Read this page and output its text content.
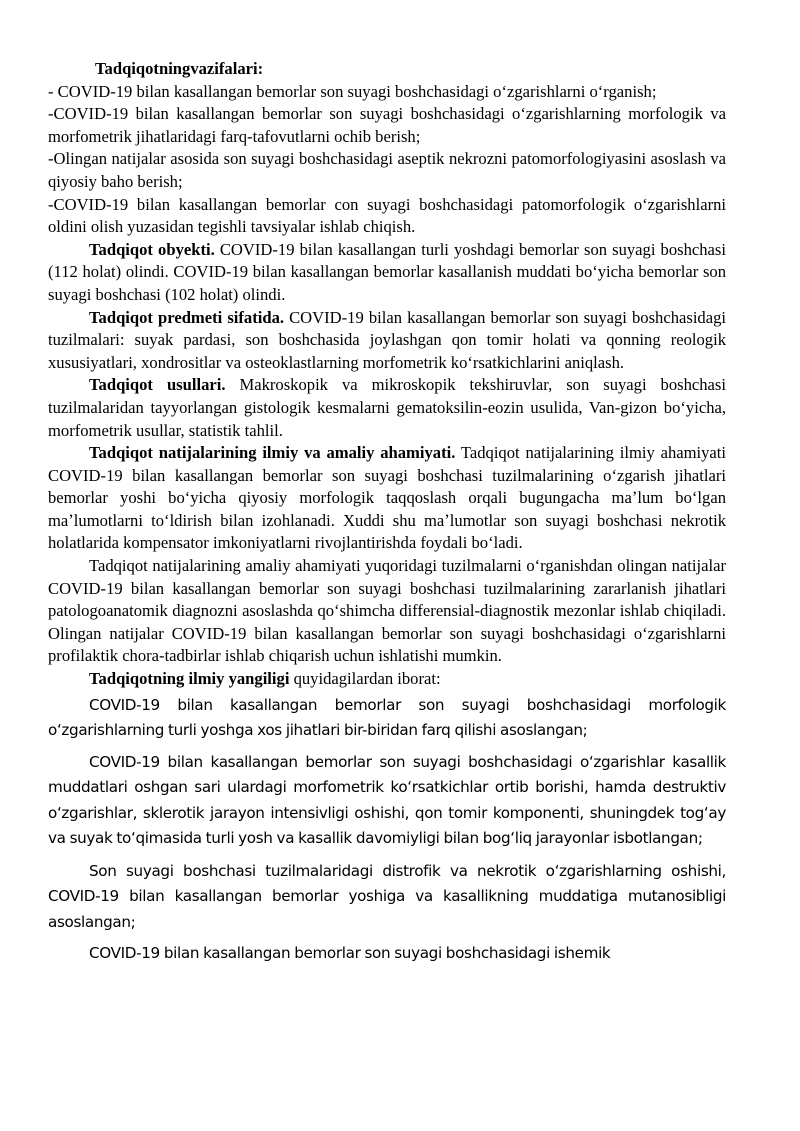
Tadqiqotningvazifalari:

- COVID-19 bilan kasallangan bemorlar son suyagi boshchasidagi oʻzgarishlarni oʻrganish;

-COVID-19 bilan kasallangan bemorlar son suyagi boshchasidagi oʻzgarishlarning morfologik va morfometrik jihatlaridagi farq-tafovutlarni ochib berish;

-Olingan natijalar asosida son suyagi boshchasidagi aseptik nekrozni patomorfologiyasini asoslash va qiyosiy baho berish;

-COVID-19 bilan kasallangan bemorlar con suyagi boshchasidagi patomorfologik oʻzgarishlarni oldini olish yuzasidan tegishli tavsiyalar ishlab chiqish.

Tadqiqot obyekti. COVID-19 bilan kasallangan turli yoshdagi bemorlar son suyagi boshchasi (112 holat) olindi. COVID-19 bilan kasallangan bemorlar kasallanish muddati boʻyicha bemorlar son suyagi boshchasi (102 holat) olindi.

Tadqiqot predmeti sifatida. COVID-19 bilan kasallangan bemorlar son suyagi boshchasidagi tuzilmalari: suyak pardasi, son boshchasida joylashgan qon tomir holati va qonning reologik xususiyatlari, xondrositlar va osteoklastlarning morfometrik koʻrsatkichlarini aniqlash.

Tadqiqot usullari. Makroskopik va mikroskopik tekshiruvlar, son suyagi boshchasi tuzilmalaridan tayyorlangan gistologik kesmalarni gematoksilin-eozin usulida, Van-gizon boʻyicha, morfometrik usullar, statistik tahlil.

Tadqiqot natijalarining ilmiy va amaliy ahamiyati. Tadqiqot natijalarining ilmiy ahamiyati COVID-19 bilan kasallangan bemorlar son suyagi boshchasi tuzilmalarining oʻzgarish jihatlari bemorlar yoshi boʻyicha qiyosiy morfologik taqqoslash orqali bugungacha maʼlum boʻlgan maʼlumotlarni toʻldirish bilan izohlanadi. Xuddi shu maʼlumotlar son suyagi boshchasi nekrotik holatlarida kompensator imkoniyatlarni rivojlantirishda foydali boʻladi.

Tadqiqot natijalarining amaliy ahamiyati yuqoridagi tuzilmalarni oʻrganishdan olingan natijalar COVID-19 bilan kasallangan bemorlar son suyagi boshchasi tuzilmalarining zararlanish jihatlari patologoanatomik diagnozni asoslashda qoʻshimcha differensial-diagnostik mezonlar ishlab chiqiladi. Olingan natijalar COVID-19 bilan kasallangan bemorlar son suyagi boshchasidagi oʻzgarishlarni profilaktik chora-tadbirlar ishlab chiqarish uchun ishlatishi mumkin.

Tadqiqotning ilmiy yangiligi quyidagilardan iborat:

COVID-19 bilan kasallangan bemorlar son suyagi boshchasidagi morfologik oʻzgarishlarning turli yoshga xos jihatlari bir-biridan farq qilishi asoslangan;

COVID-19 bilan kasallangan bemorlar son suyagi boshchasidagi oʻzgarishlar kasallik muddatlari oshgan sari ulardagi morfometrik koʻrsatkichlar ortib borishi, hamda destruktiv oʻzgarishlar, sklerotik jarayon intensivligi oshishi, qon tomir komponenti, shuningdek togʻay va suyak toʻqimasida turli yosh va kasallik davomiyligi bilan bogʻliq jarayonlar isbotlangan;

Son suyagi boshchasi tuzilmalaridagi distrofik va nekrotik oʻzgarishlarning oshishi, COVID-19 bilan kasallangan bemorlar yoshiga va kasallikning muddatiga mutanosibligi asoslangan;

COVID-19 bilan kasallangan bemorlar son suyagi boshchasidagi ishemik
